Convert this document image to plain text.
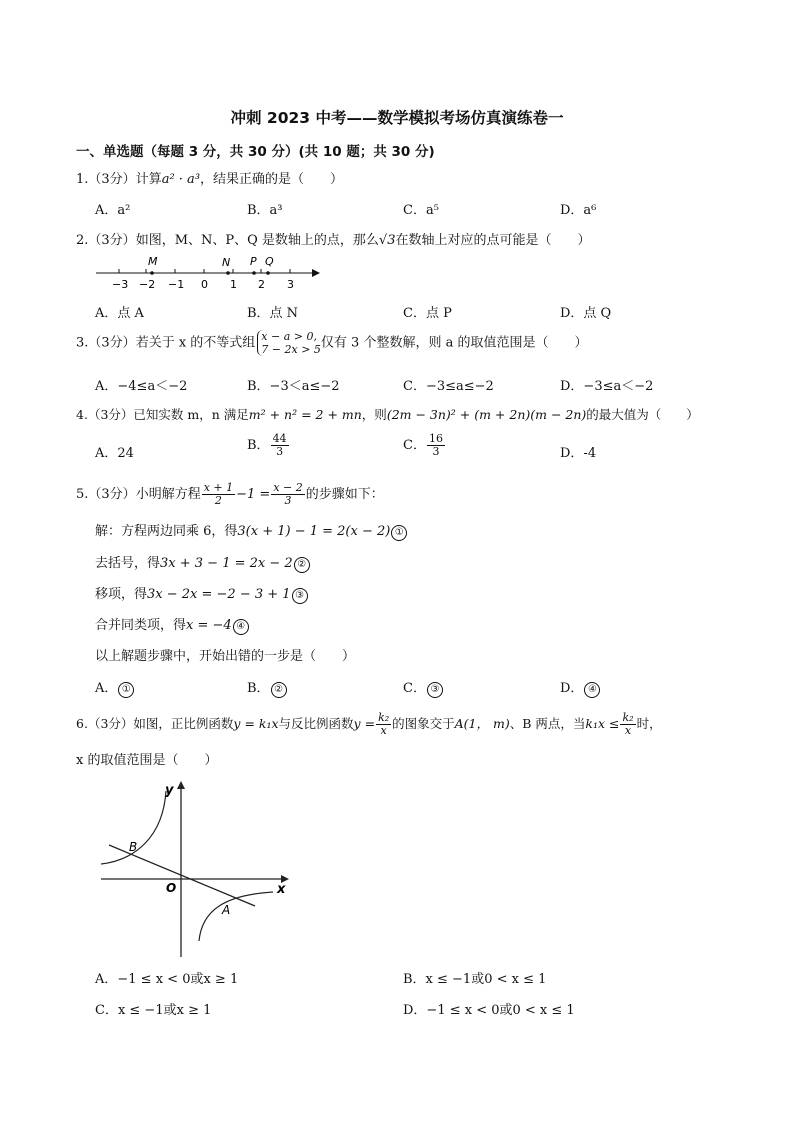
冲刺 2023 中考——数学模拟考场仿真演练卷一
一、单选题（每题 3 分，共 30 分）(共 10 题；共 30 分)
1.（3分）计算a² · a³，结果正确的是（　　）
A．a²	B．a³	C．a⁵	D．a⁶
2.（3分）如图，M、N、P、Q 是数轴上的点，那么√3在数轴上对应的点可能是（　　）
M	N P Q
−3 −2 −1 0 1 2 3
A．点 A	B．点 N	C．点 P	D．点 Q
3.（3分）若关于 x 的不等式组 x − a > 0,
7 − 2x > 5 仅有 3 个整数解，则 a 的取值范围是（　　）
A．−4≤a＜−2	B．−3＜a≤−2	C．−3≤a≤−2	D．−3≤a＜−2
4.（3分）已知实数 m，n 满足m² + n² = 2 + mn，则(2m − 3n)² + (m + 2n)(m − 2n)的最大值为（　　）
A．24
B． $\frac{44}{3}$	C． $\frac{16}{3}$	D．-4
5.（3分）小明解方程 $\frac{x + 1}{2} -1 = \frac{x - 2}{3}$ 的步骤如下：
解：方程两边同乘 6，得3(x + 1) − 1 = 2(x − 2) ①
去括号，得3x + 3 − 1 = 2x − 2 ②
移项，得3x − 2x = −2 − 3 + 1 ③
合并同类项，得x = −4 ④
以上解题步骤中，开始出错的一步是（　　）
A． ①	B． ②	C． ③	D． ④
6.（3分）如图，正比例函数y = k₁x与反比例函数$y = \frac{\text{k₂}}{x}$ 的图象交于A(1， m)、B 两点，当$k_1x \le \frac{\text{k₂}}{x}$ 时，
x 的取值范围是（　　）
y
x
O
B
A
A．−1 ≤ x < 0或x ≥ 1	B．x ≤ −1或0 < x ≤ 1
C．x ≤ −1或x ≥ 1	D．−1 ≤ x < 0或0 < x ≤ 1
